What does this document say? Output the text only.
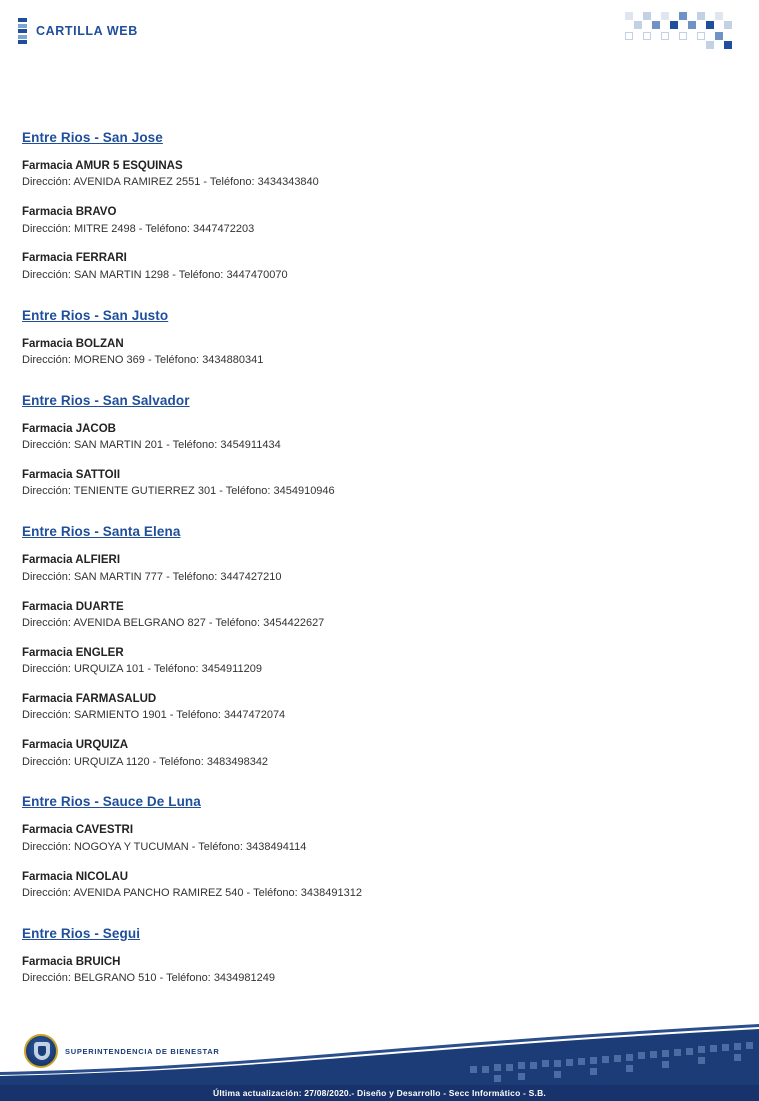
CARTILLA WEB
Entre Rios - San Jose
Farmacia AMUR 5 ESQUINAS
Dirección: AVENIDA RAMIREZ 2551 - Teléfono: 3434343840
Farmacia BRAVO
Dirección: MITRE 2498 - Teléfono: 3447472203
Farmacia FERRARI
Dirección: SAN MARTIN 1298 - Teléfono: 3447470070
Entre Rios - San Justo
Farmacia BOLZAN
Dirección: MORENO 369 - Teléfono: 3434880341
Entre Rios - San Salvador
Farmacia JACOB
Dirección: SAN MARTIN 201 - Teléfono: 3454911434
Farmacia SATTOII
Dirección: TENIENTE GUTIERREZ 301 - Teléfono: 3454910946
Entre Rios - Santa Elena
Farmacia ALFIERI
Dirección: SAN MARTIN 777 - Teléfono: 3447427210
Farmacia DUARTE
Dirección: AVENIDA BELGRANO 827 - Teléfono: 3454422627
Farmacia ENGLER
Dirección: URQUIZA 101 - Teléfono: 3454911209
Farmacia FARMASALUD
Dirección: SARMIENTO 1901 - Teléfono: 3447472074
Farmacia URQUIZA
Dirección: URQUIZA 1120 - Teléfono: 3483498342
Entre Rios - Sauce De Luna
Farmacia CAVESTRI
Dirección: NOGOYA Y TUCUMAN - Teléfono: 3438494114
Farmacia NICOLAU
Dirección: AVENIDA PANCHO RAMIREZ 540 - Teléfono: 3438491312
Entre Rios - Segui
Farmacia BRUICH
Dirección: BELGRANO 510 - Teléfono: 3434981249
SUPERINTENDENCIA DE BIENESTAR
Última actualización: 27/08/2020.- Diseño y Desarrollo - Secc Informático - S.B.
